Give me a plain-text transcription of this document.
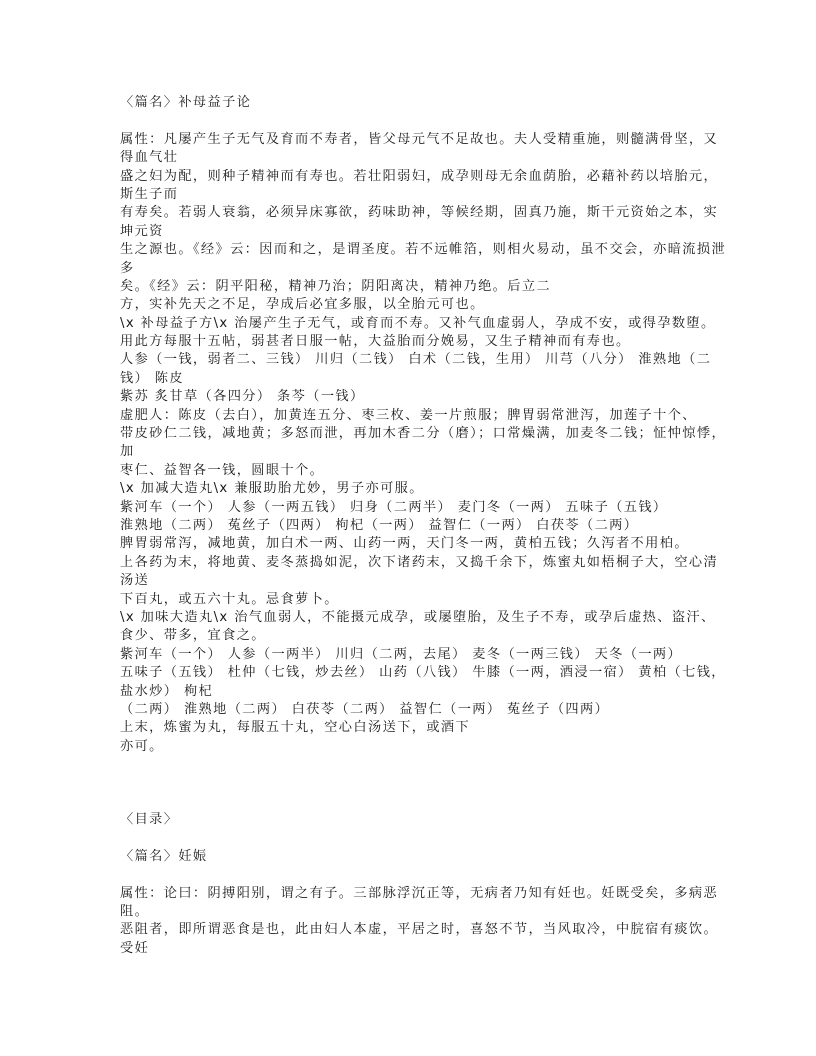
〈篇名〉补母益子论
属性：凡屡产生子无气及育而不寿者，皆父母元气不足故也。夫人受精重施，则髓满骨坚，又
得血气壮
盛之妇为配，则种子精神而有寿也。若壮阳弱妇，成孕则母无余血荫胎，必藉补药以培胎元，
斯生子而
有寿矣。若弱人衰翁，必须异床寡欲，药味助神，等候经期，固真乃施，斯干元资始之本，实
坤元资
生之源也。《经》云：因而和之，是谓圣度。若不远帷箔，则相火易动，虽不交会，亦暗流损泄
多
矣。《经》云：阴平阳秘，精神乃治；阴阳离决，精神乃绝。后立二
方，实补先天之不足，孕成后必宜多服，以全胎元可也。
\x 补母益子方\x 治屡产生子无气，或育而不寿。又补气血虚弱人，孕成不安，或得孕数堕。
用此方每服十五帖，弱甚者日服一帖，大益胎而分娩易，又生子精神而有寿也。
人参（一钱，弱者二、三钱） 川归（二钱） 白术（二钱，生用） 川芎（八分） 淮熟地（二
钱） 陈皮
紫苏 炙甘草（各四分） 条芩（一钱）
虚肥人：陈皮（去白），加黄连五分、枣三枚、姜一片煎服；脾胃弱常泄泻，加莲子十个、
带皮砂仁二钱，减地黄；多怒而泄，再加木香二分（磨）；口常燥满，加麦冬二钱；怔忡惊悸，
加
枣仁、益智各一钱，圆眼十个。
\x 加减大造丸\x 兼服助胎尤妙，男子亦可服。
紫河车（一个） 人参（一两五钱） 归身（二两半） 麦门冬（一两） 五味子（五钱）
淮熟地（二两） 菟丝子（四两） 枸杞（一两） 益智仁（一两） 白茯苓（二两）
脾胃弱常泻，减地黄，加白术一两、山药一两，天门冬一两，黄柏五钱；久泻者不用柏。
上各药为末，将地黄、麦冬蒸捣如泥，次下诸药末，又捣千余下，炼蜜丸如梧桐子大，空心清
汤送
下百丸，或五六十丸。忌食萝卜。
\x 加味大造丸\x 治气血弱人，不能摄元成孕，或屡堕胎，及生子不寿，或孕后虚热、盗汗、
食少、带多，宜食之。
紫河车（一个） 人参（一两半） 川归（二两，去尾） 麦冬（一两三钱） 天冬（一两）
五味子（五钱） 杜仲（七钱，炒去丝） 山药（八钱） 牛膝（一两，酒浸一宿） 黄柏（七钱，
盐水炒） 枸杞
（二两） 淮熟地（二两） 白茯苓（二两） 益智仁（一两） 菟丝子（四两）
上末，炼蜜为丸，每服五十丸，空心白汤送下，或酒下
亦可。
〈目录〉
〈篇名〉妊娠
属性：论曰：阴搏阳别，谓之有子。三部脉浮沉正等，无病者乃知有妊也。妊既受矣，多病恶
阻。
恶阻者，即所谓恶食是也，此由妇人本虚，平居之时，喜怒不节，当风取冷，中脘宿有痰饮。
受妊
